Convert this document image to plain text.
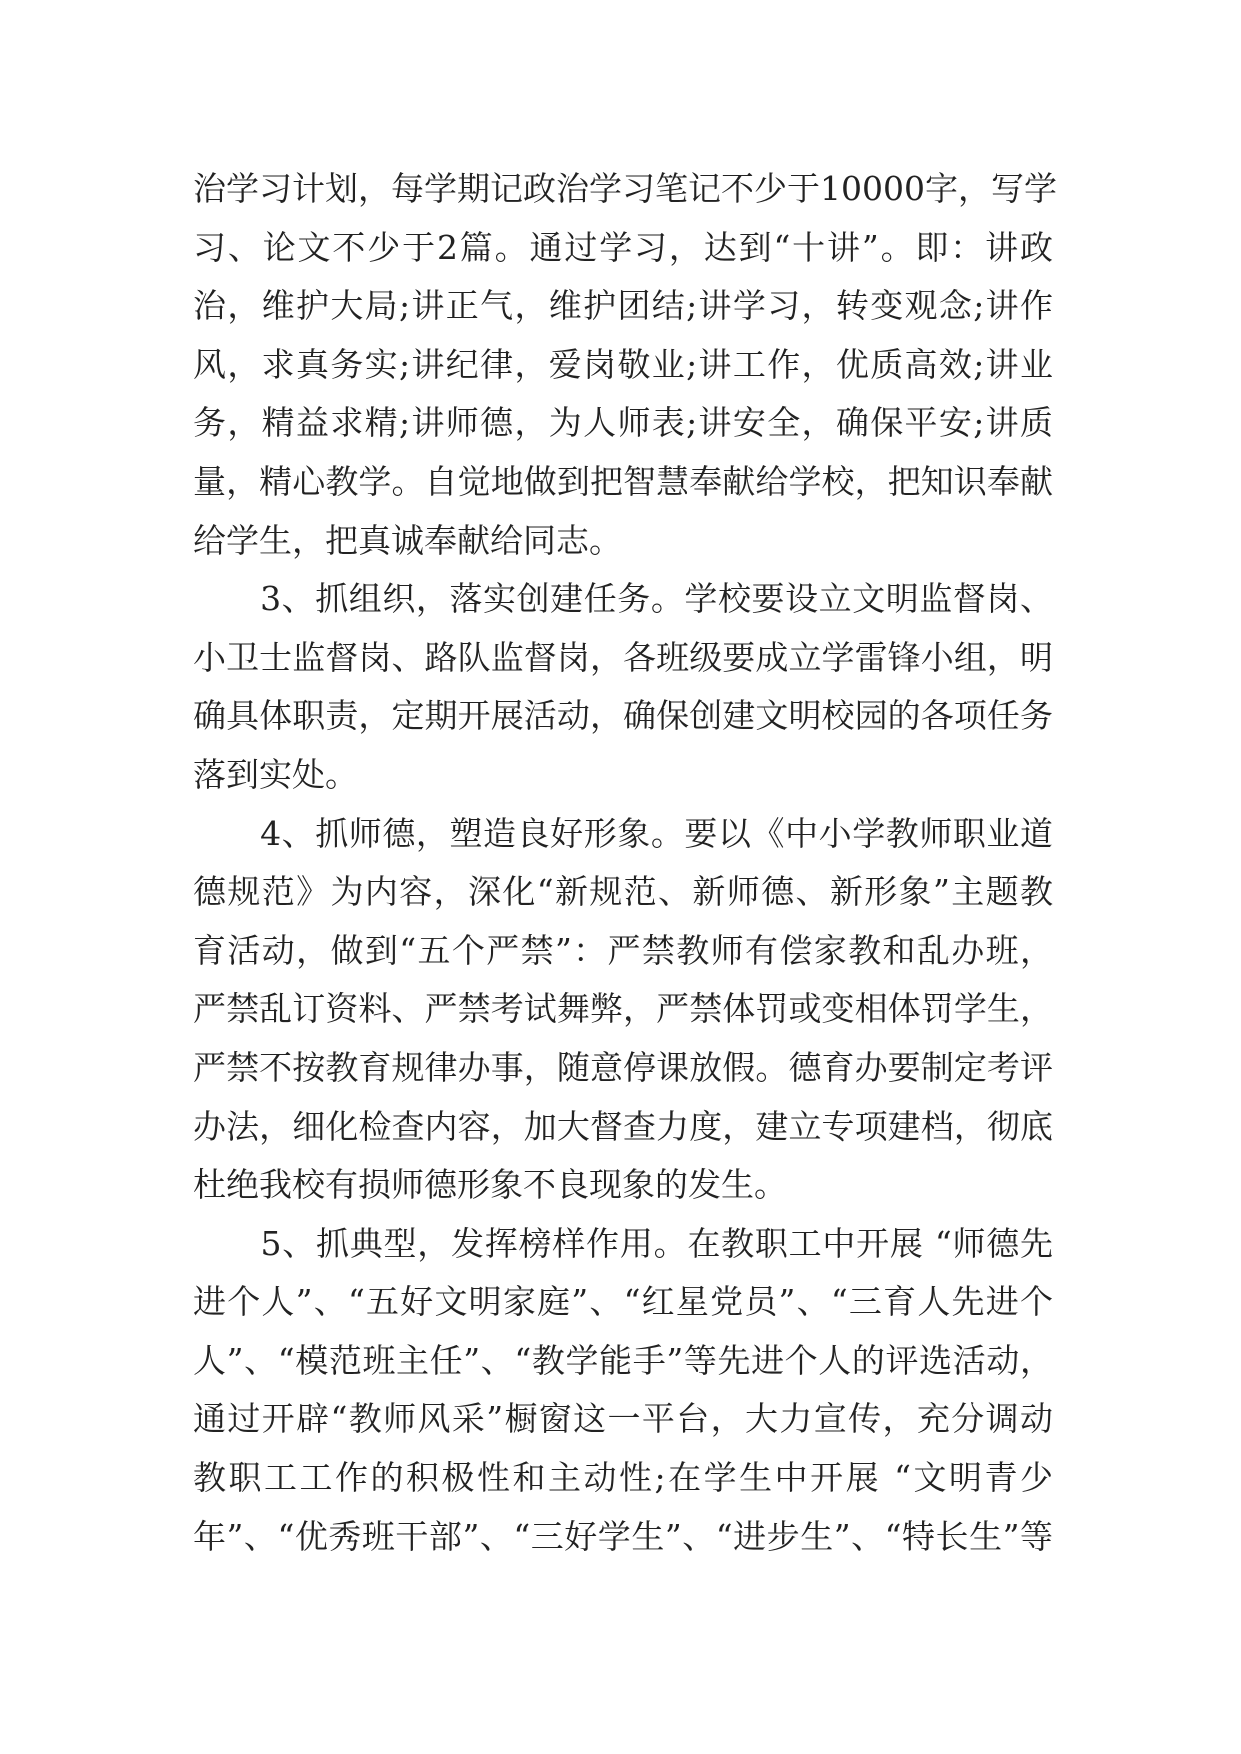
治学习计划，每学期记政治学习笔记不少于10000字，写学
习、论文不少于2篇。通过学习，达到“十讲”。即：讲政
治，维护大局;讲正气，维护团结;讲学习，转变观念;讲作
风，求真务实;讲纪律，爱岗敬业;讲工作，优质高效;讲业
务，精益求精;讲师德，为人师表;讲安全，确保平安;讲质
量，精心教学。自觉地做到把智慧奉献给学校，把知识奉献
给学生，把真诚奉献给同志。
　　3、抓组织，落实创建任务。学校要设立文明监督岗、
小卫士监督岗、路队监督岗，各班级要成立学雷锋小组，明
确具体职责，定期开展活动，确保创建文明校园的各项任务
落到实处。
　　4、抓师德，塑造良好形象。要以《中小学教师职业道
德规范》为内容，深化“新规范、新师德、新形象”主题教
育活动，做到“五个严禁”：严禁教师有偿家教和乱办班，
严禁乱订资料、严禁考试舞弊，严禁体罚或变相体罚学生，
严禁不按教育规律办事，随意停课放假。德育办要制定考评
办法，细化检查内容，加大督查力度，建立专项建档，彻底
杜绝我校有损师德形象不良现象的发生。
　　5、抓典型，发挥榜样作用。在教职工中开展 “师德先
进个人”、“五好文明家庭”、“红星党员”、“三育人先进个
人”、“模范班主任”、“教学能手”等先进个人的评选活动，
通过开辟“教师风采”橱窗这一平台，大力宣传，充分调动
教职工工作的积极性和主动性;在学生中开展 “文明青少
年”、“优秀班干部”、“三好学生”、“进步生”、“特长生”等
